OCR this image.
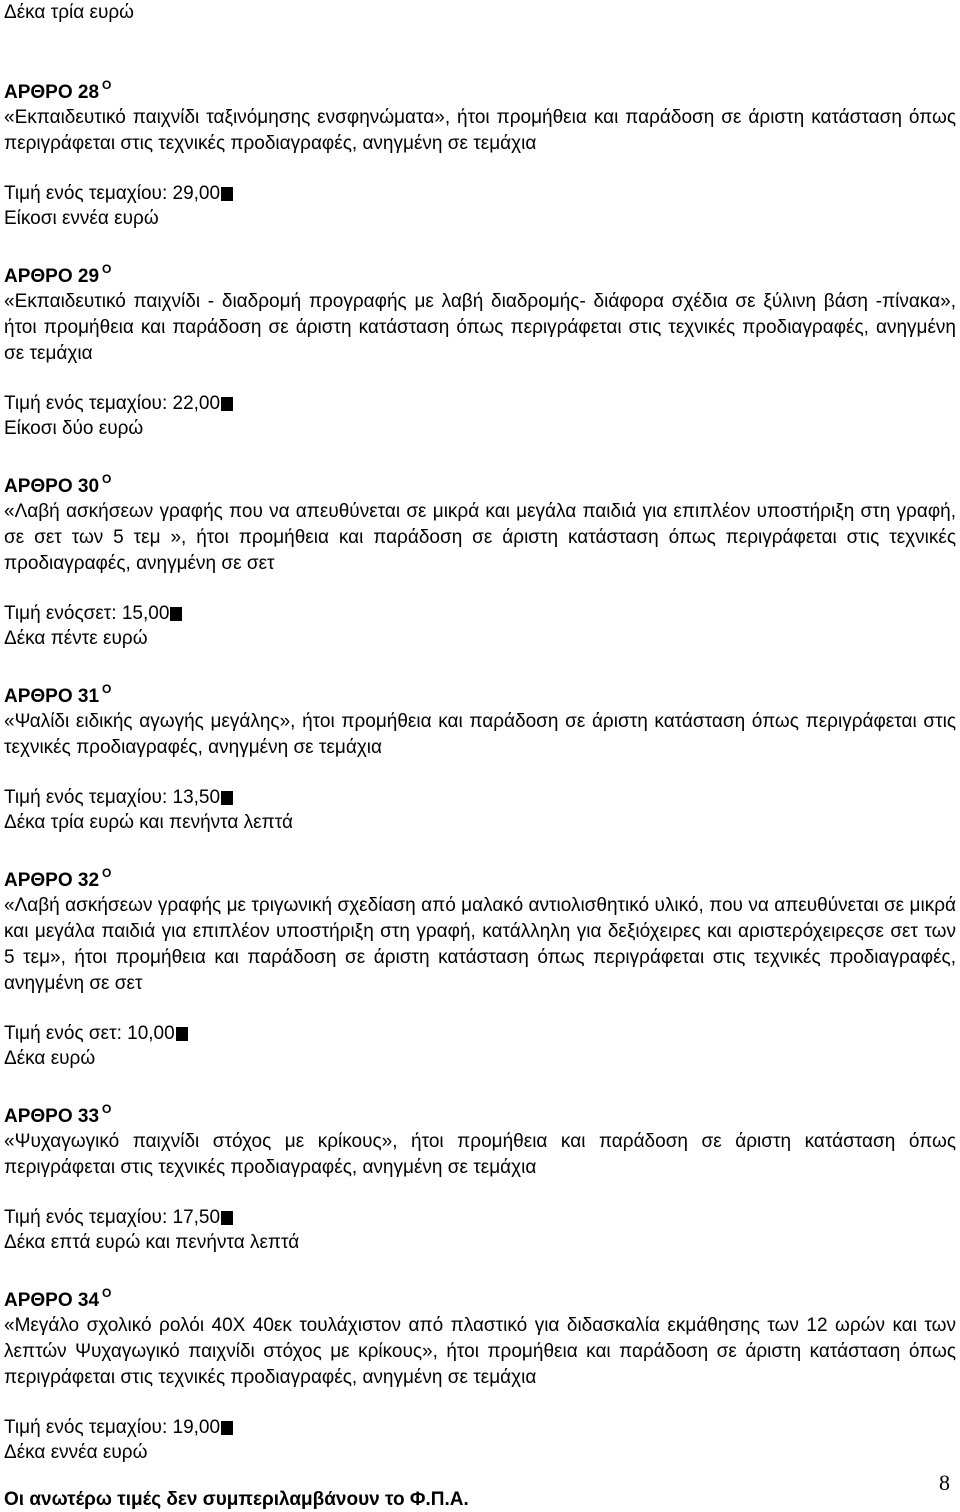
Δέκα τρία ευρώ
ΑΡΘΡΟ 28 $^O$
«Εκπαιδευτικό παιχνίδι ταξινόμησης ενσφηνώματα», ήτοι προμήθεια και παράδοση σε άριστη κατάσταση όπως περιγράφεται στις τεχνικές προδιαγραφές, ανηγμένη σε τεμάχια
Τιμή ενός τεμαχίου: 29,00
Είκοσι εννέα ευρώ
ΑΡΘΡΟ 29 $^O$
«Εκπαιδευτικό παιχνίδι - διαδρομή προγραφής με λαβή διαδρομής- διάφορα σχέδια σε ξύλινη βάση -πίνακα», ήτοι προμήθεια και παράδοση σε άριστη κατάσταση όπως περιγράφεται στις τεχνικές προδιαγραφές, ανηγμένη σε τεμάχια
Τιμή ενός τεμαχίου: 22,00
Είκοσι δύο ευρώ
ΑΡΘΡΟ 30 $^O$
«Λαβή ασκήσεων γραφής που να απευθύνεται σε μικρά και μεγάλα παιδιά για επιπλέον υποστήριξη στη γραφή, σε σετ των 5 τεμ », ήτοι προμήθεια και παράδοση σε άριστη κατάσταση όπως περιγράφεται στις τεχνικές προδιαγραφές, ανηγμένη σε σετ
Τιμή ενόςσετ: 15,00
Δέκα πέντε ευρώ
ΑΡΘΡΟ 31 $^O$
«Ψαλίδι ειδικής αγωγής μεγάλης», ήτοι προμήθεια και παράδοση σε άριστη κατάσταση όπως περιγράφεται στις τεχνικές προδιαγραφές, ανηγμένη σε τεμάχια
Τιμή ενός τεμαχίου: 13,50
Δέκα τρία ευρώ και πενήντα λεπτά
ΑΡΘΡΟ 32 $^O$
«Λαβή ασκήσεων γραφής με τριγωνική σχεδίαση από μαλακό αντιολισθητικό υλικό, που να απευθύνεται σε μικρά και μεγάλα παιδιά για επιπλέον υποστήριξη στη γραφή, κατάλληλη για δεξιόχειρες και αριστερόχειρεςσε σετ των 5 τεμ», ήτοι προμήθεια και παράδοση σε άριστη κατάσταση όπως περιγράφεται στις τεχνικές προδιαγραφές, ανηγμένη σε σετ
Τιμή ενός σετ: 10,00
Δέκα ευρώ
ΑΡΘΡΟ 33 $^O$
«Ψυχαγωγικό παιχνίδι στόχος με κρίκους», ήτοι προμήθεια και παράδοση σε άριστη κατάσταση όπως περιγράφεται στις τεχνικές προδιαγραφές, ανηγμένη σε τεμάχια
Τιμή ενός τεμαχίου: 17,50
Δέκα επτά ευρώ και πενήντα λεπτά
ΑΡΘΡΟ 34 $^O$
«Μεγάλο σχολικό ρολόι 40Χ 40εκ τουλάχιστον από πλαστικό για διδασκαλία εκμάθησης των 12 ωρών και των λεπτών Ψυχαγωγικό παιχνίδι στόχος με κρίκους», ήτοι προμήθεια και παράδοση σε άριστη κατάσταση όπως περιγράφεται στις τεχνικές προδιαγραφές, ανηγμένη σε τεμάχια
Τιμή ενός τεμαχίου: 19,00
Δέκα εννέα ευρώ
Οι ανωτέρω τιμές δεν συμπεριλαμβάνουν το Φ.Π.Α.
8
